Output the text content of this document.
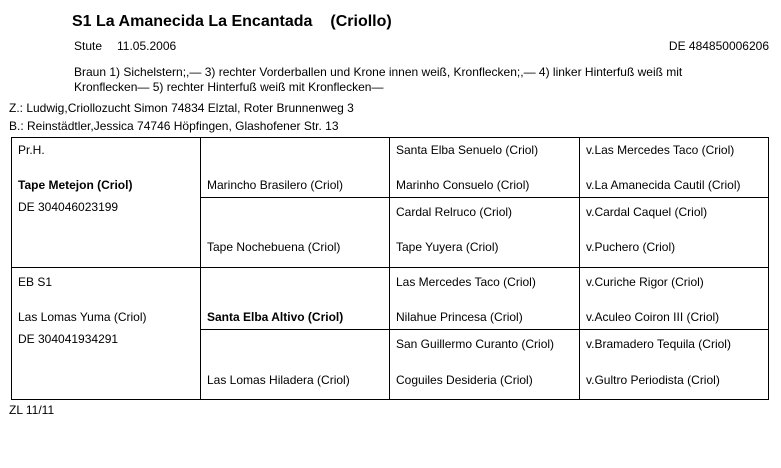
S1 La Amanecida La Encantada (Criollo)
Stute 11.05.2006	DE 484850006206
Braun 1) Sichelstern;,— 3) rechter Vorderballen und Krone innen weiß, Kronflecken;,— 4) linker Hinterfuß weiß mit
Kronflecken— 5) rechter Hinterfuß weiß mit Kronflecken—
Z.: Ludwig,Criollozucht Simon 74834 Elztal, Roter Brunnenweg 3
B.: Reinstädtler,Jessica 74746 Höpfingen, Glashofener Str. 13
Pr.H.
Tape Metejon (Criol)
DE 304046023199
EB S1
Las Lomas Yuma (Criol)
DE 304041934291
Marincho Brasilero (Criol)
Tape Nochebuena (Criol)
Santa Elba Altivo (Criol)
Las Lomas Hiladera (Criol)
Santa Elba Senuelo (Criol)
Marinho Consuelo (Criol)
Cardal Relruco (Criol)
Tape Yuyera (Criol)
Las Mercedes Taco (Criol)
Nilahue Princesa (Criol)
San Guillermo Curanto (Criol)
Coguiles Desideria (Criol)
v.Las Mercedes Taco (Criol)
v.La Amanecida Cautil (Criol)
v.Cardal Caquel (Criol)
v.Puchero (Criol)
v.Curiche Rigor (Criol)
v.Aculeo Coiron III (Criol)
v.Bramadero Tequila (Criol)
v.Gultro Periodista (Criol)
ZL 11/11
